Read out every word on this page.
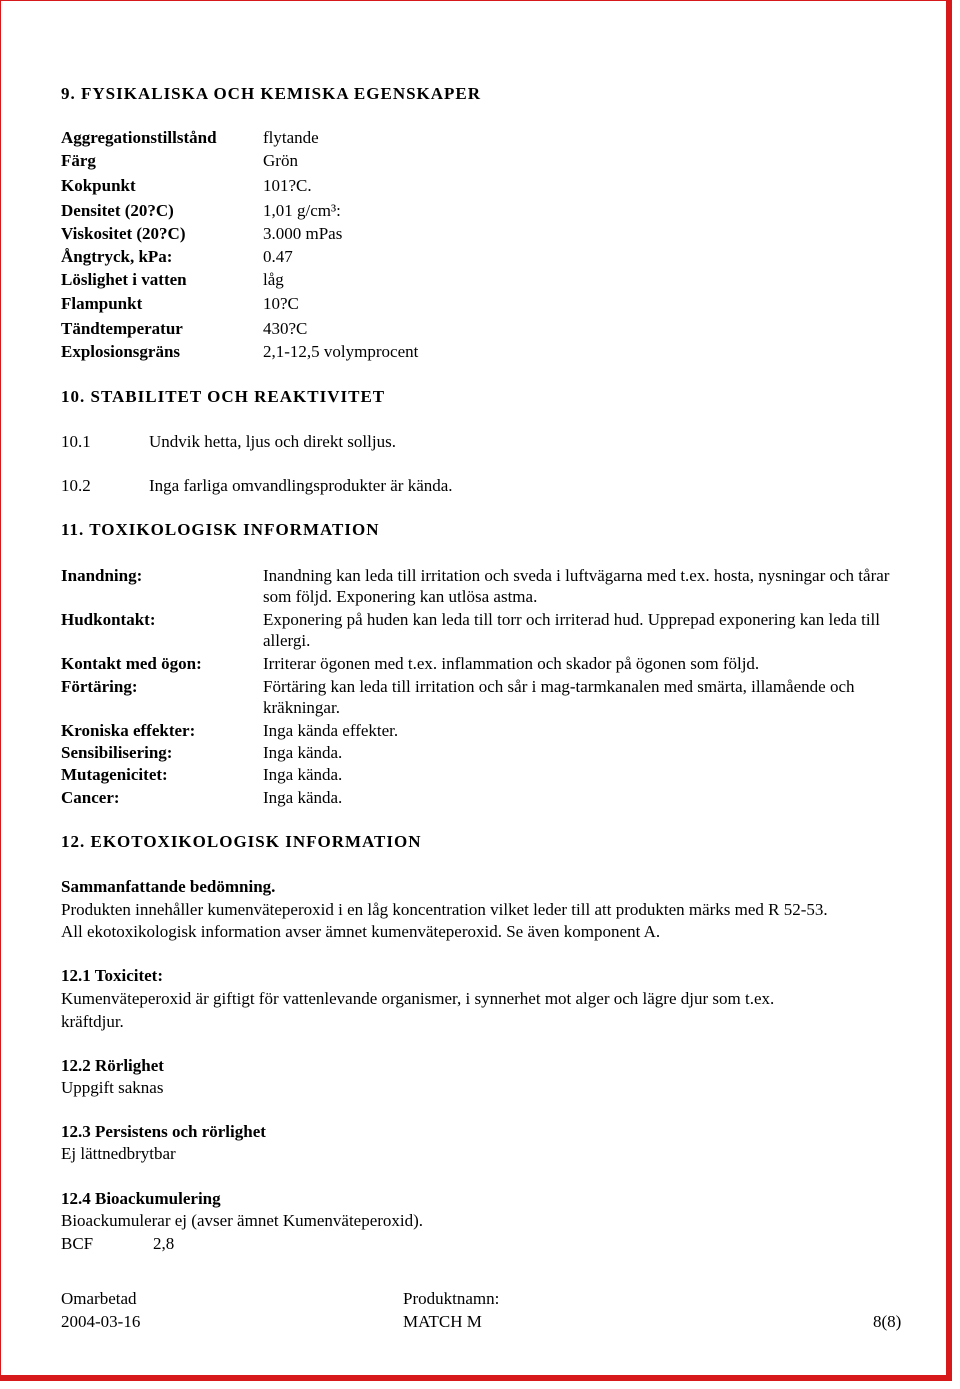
9. FYSIKALISKA OCH KEMISKA EGENSKAPER
Aggregationstillstånd	flytande
Färg	Grön
Kokpunkt	101?C.
Densitet (20?C)	1,01 g/cm³:
Viskositet (20?C)	3.000 mPas
Ångtryck, kPa:	0.47
Löslighet i vatten	låg
Flampunkt	10?C
Tändtemperatur	430?C
Explosionsgräns	2,1-12,5 volymprocent
10. STABILITET OCH REAKTIVITET
10.1	Undvik hetta, ljus och direkt solljus.
10.2	Inga farliga omvandlingsprodukter är kända.
11. TOXIKOLOGISK INFORMATION
Inandning:	Inandning kan leda till irritation och sveda i luftvägarna med t.ex. hosta, nysningar och tårar som följd. Exponering kan utlösa astma.
Hudkontakt:	Exponering på huden kan leda till torr och irriterad hud. Upprepad exponering kan leda till allergi.
Kontakt med ögon:	Irriterar ögonen med t.ex. inflammation och skador på ögonen som följd.
Förtäring:	Förtäring kan leda till irritation och sår i mag-tarmkanalen med smärta, illamående och kräkningar.
Kroniska effekter:	Inga kända effekter.
Sensibilisering:	Inga kända.
Mutagenicitet:	Inga kända.
Cancer:	Inga kända.
12. EKOTOXIKOLOGISK INFORMATION
Sammanfattande bedömning.
Produkten innehåller kumenväteperoxid i en låg koncentration vilket leder till att produkten märks med R 52-53.
All ekotoxikologisk information avser ämnet kumenväteperoxid. Se även komponent A.
12.1 Toxicitet:
Kumenväteperoxid är giftigt för vattenlevande organismer, i synnerhet mot alger och lägre djur som t.ex.
kräftdjur.
12.2 Rörlighet
Uppgift saknas
12.3 Persistens och rörlighet
Ej lättnedbrytbar
12.4 Bioackumulering
Bioackumulerar ej (avser ämnet Kumenväteperoxid).
BCF	2,8
Omarbetad
2004-03-16
Produktnamn:
MATCH M	8(8)
